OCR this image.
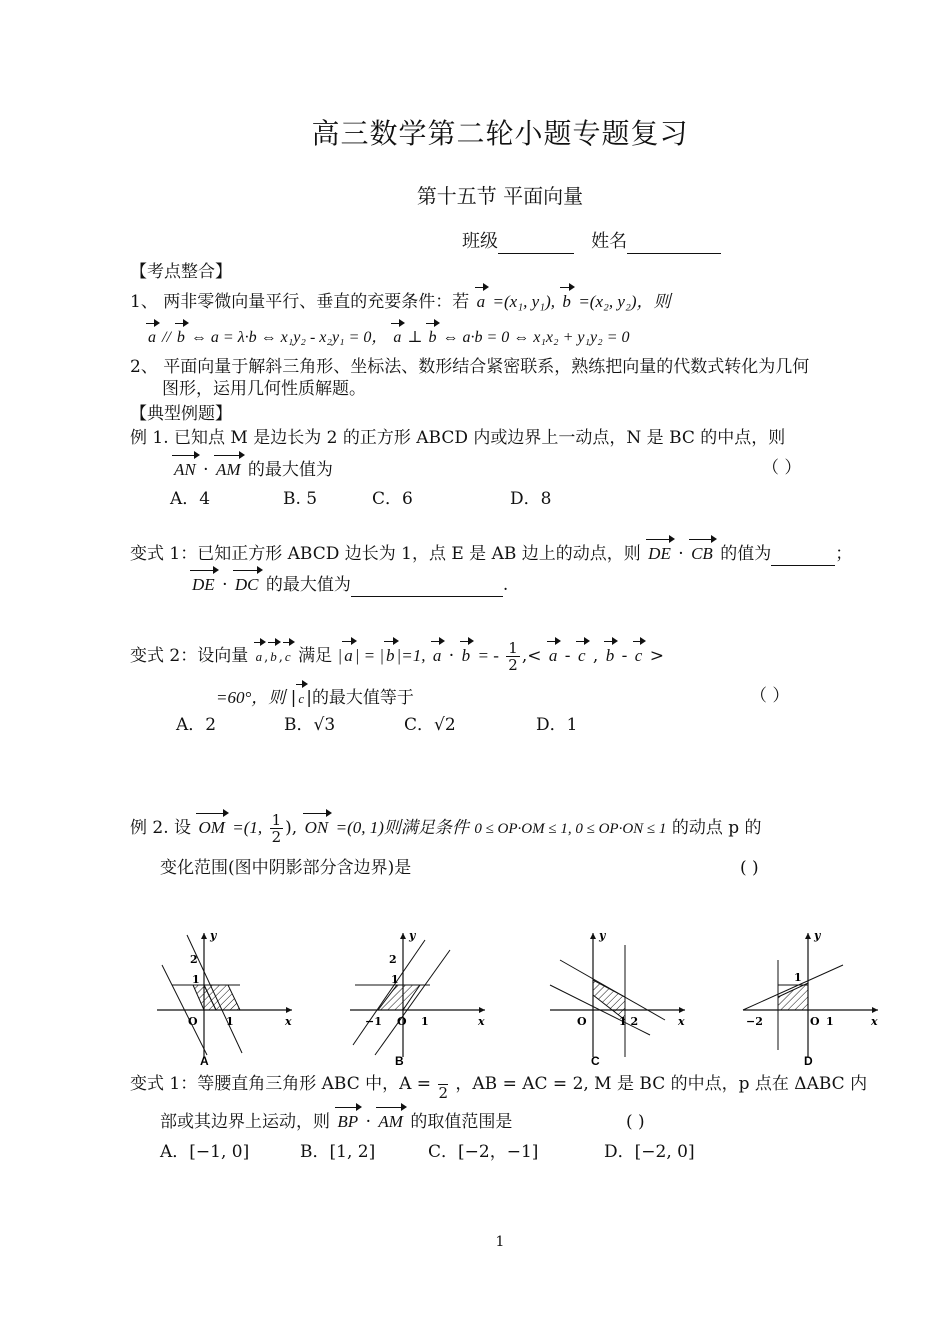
高三数学第二轮小题专题复习
第十五节 平面向量
班级	姓名
【考点整合】
1、 两非零微向量平行、垂直的充要条件：若 a =(x₁, y₁), b =(x₂, y₂)，则
a // b ⇔ a = λ·b ⇔ x₁y₂ - x₂y₁ = 0， a ⊥ b ⇔ a·b = 0 ⇔ x₁x₂ + y₁y₂ = 0
2、 平面向量于解斜三角形、坐标法、数形结合紧密联系，熟练把向量的代数式转化为几何
图形，运用几何性质解题。
【典型例题】
例 1. 已知点 M 是边长为 2 的正方形 ABCD 内或边界上一动点，N 是 BC 的中点，则
AN · AM 的最大值为	（ ）
A．4	B. 5	C．6	D．8
变式 1：已知正方形 ABCD 边长为 1，点 E 是 AB 边上的动点，则 DE · CB 的值为	；
DE · DC 的最大值为	.
变式 2：设向量 a , b , c 满足 | a | = | b |=1, a · b = - $\frac{1}{2}$ ,< a - c , b - c >
=60°，则 | c |的最大值等于	（ ）
A．2	B．√3	C．√2	D．1
例 2. 设 OM =(1, $\frac{1}{2}$ ), ON =(0, 1)则满足条件 0 ≤ OP·OM ≤ 1, 0 ≤ OP·ON ≤ 1 的动点 p 的
变化范围(图中阴影部分含边界)是	( )
y
x
2
1
O	1
A
y
x
2
1
−1 O 1
B
y
x
O	1 2
C
y
x
1
−2	O 1
D
变式 1：等腰直角三角形 ABC 中，A =
2 ，AB = AC = 2, M 是 BC 的中点，p 点在 ΔABC 内
部或其边界上运动，则 BP · AM 的取值范围是	( )
A．[−1, 0]	B．[1, 2]	C．[−2，−1]	D．[−2, 0]
1
